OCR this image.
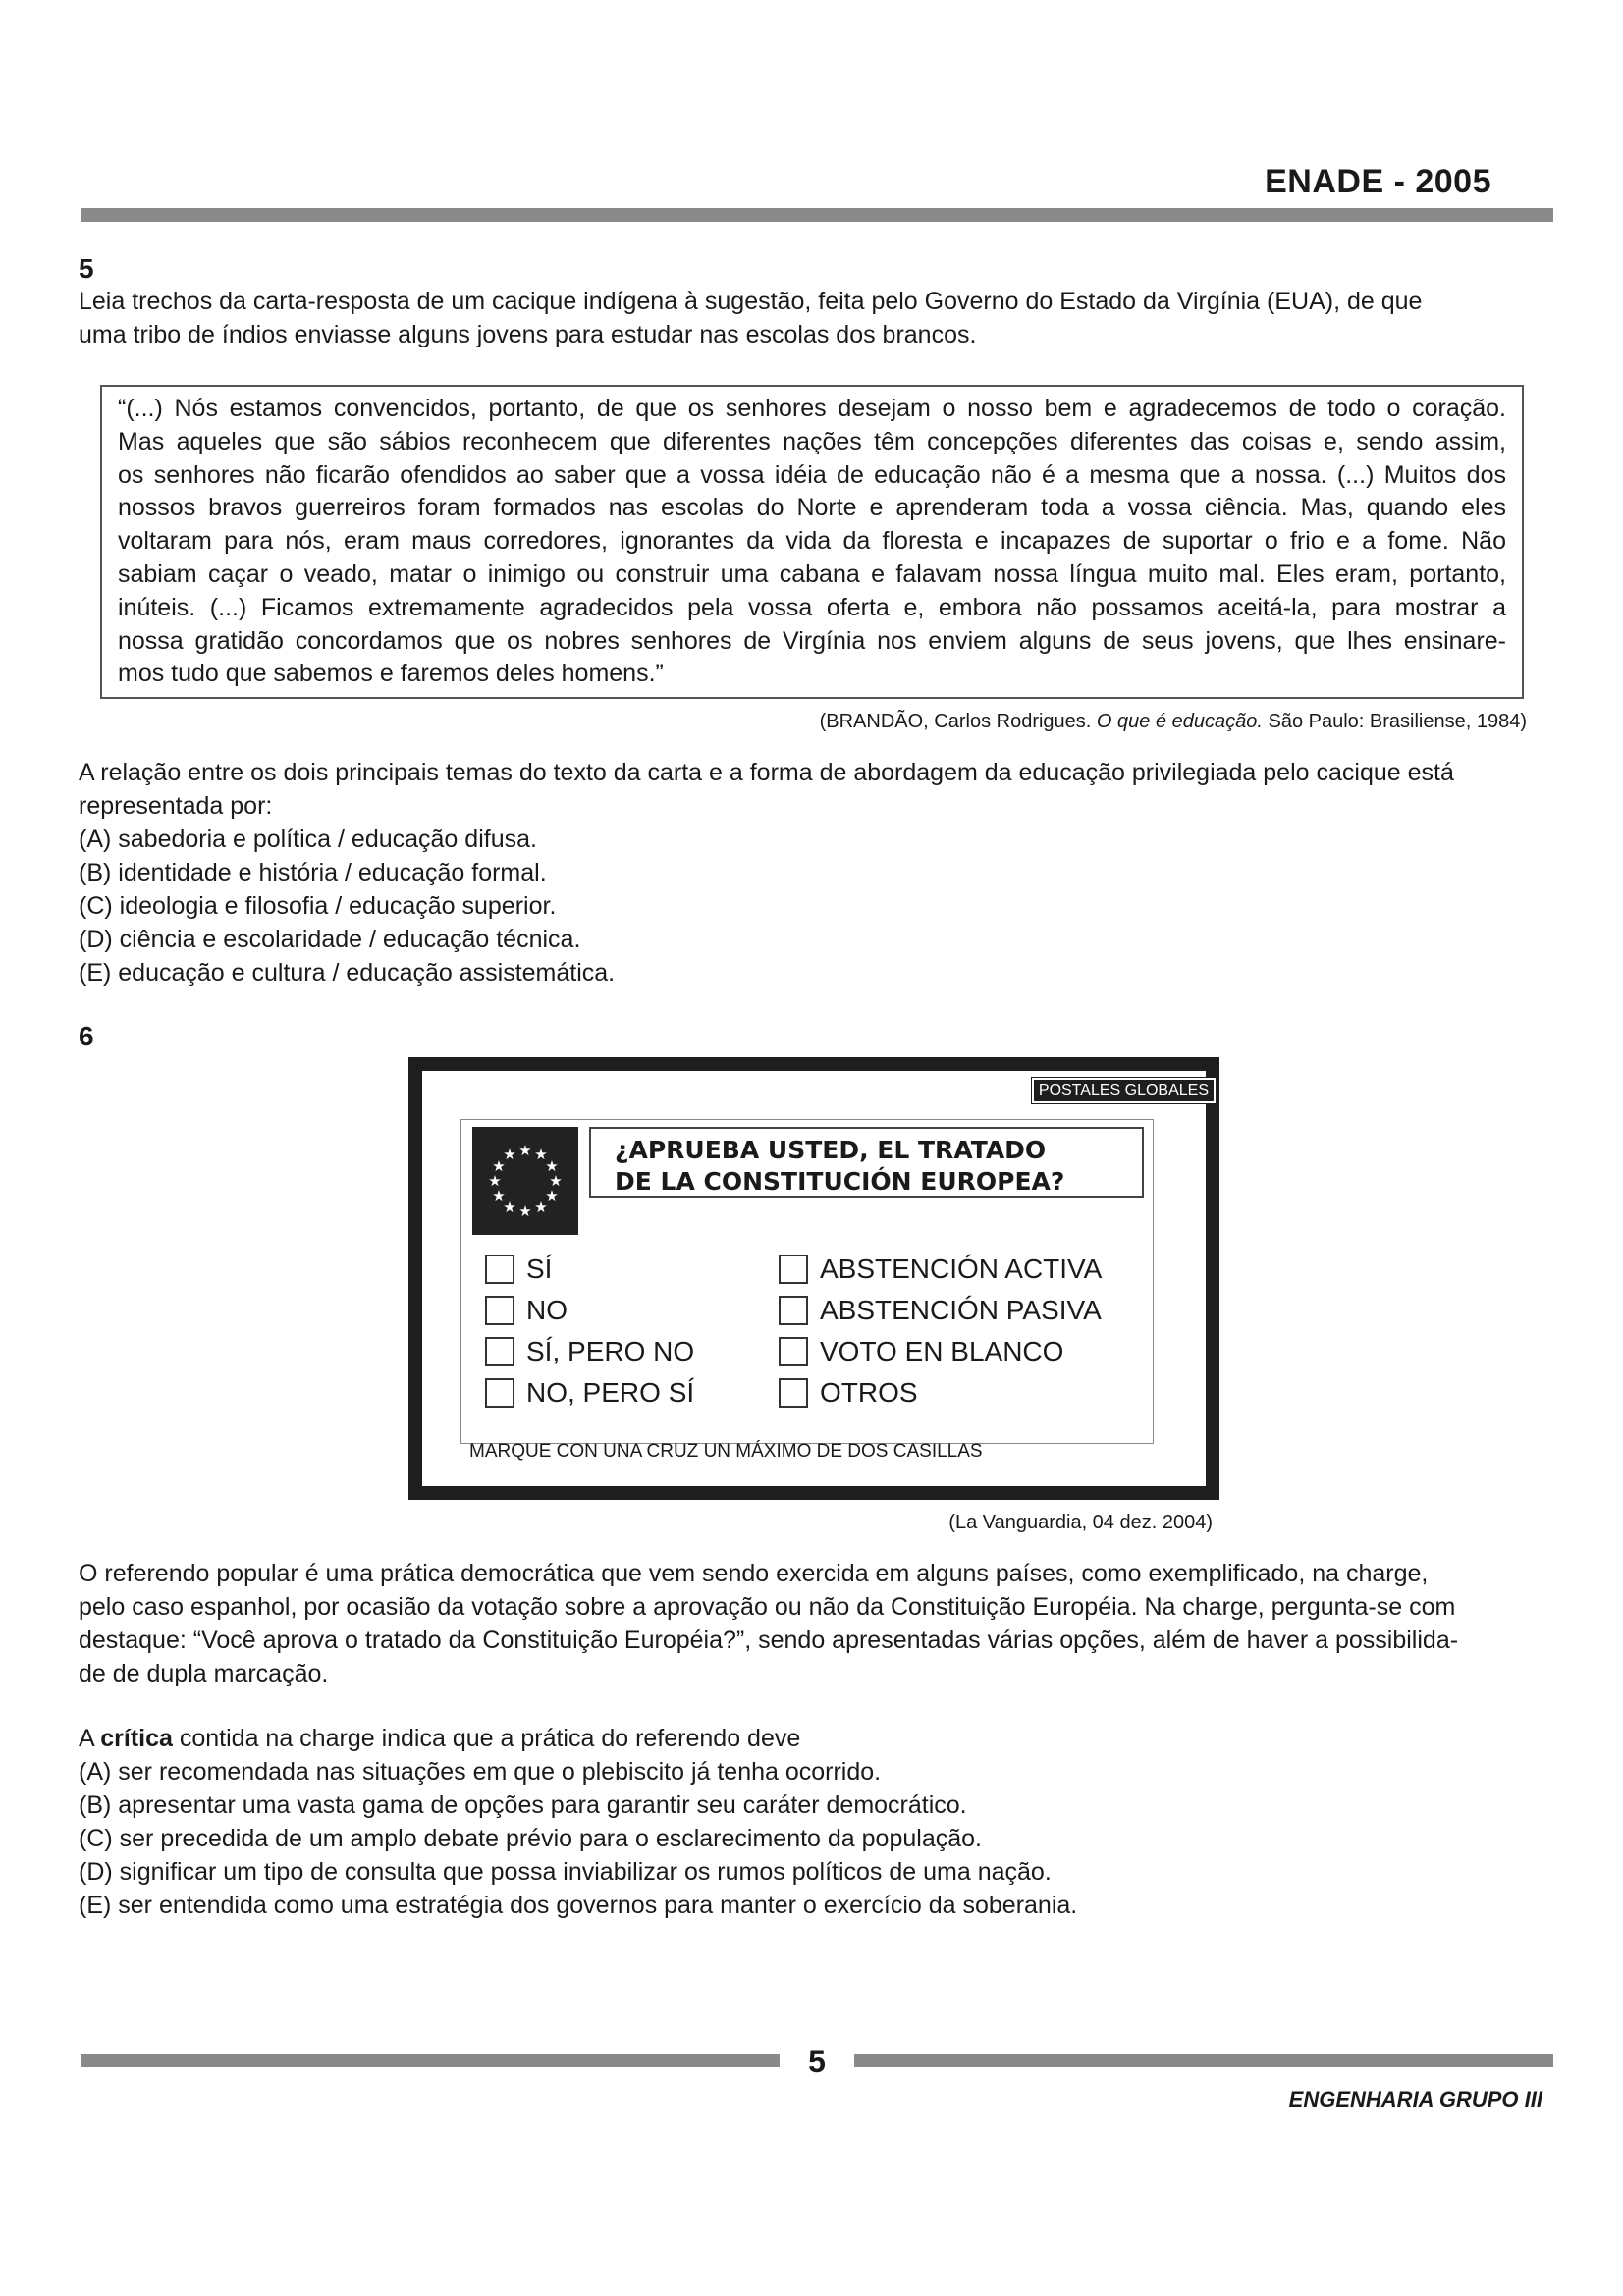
ENADE - 2005
5
Leia trechos da carta-resposta de um cacique indígena à sugestão, feita pelo Governo do Estado da Virgínia (EUA), de que
uma tribo de índios enviasse alguns jovens para estudar nas escolas dos brancos.
“(...) Nós estamos convencidos, portanto, de que os senhores desejam o nosso bem e agradecemos de todo o coração.
Mas aqueles que são sábios reconhecem que diferentes nações têm concepções diferentes das coisas e, sendo assim,
os senhores não ficarão ofendidos ao saber que a vossa idéia de educação não é a mesma que a nossa. (...) Muitos dos
nossos bravos guerreiros foram formados nas escolas do Norte e aprenderam toda a vossa ciência. Mas, quando eles
voltaram para nós, eram maus corredores, ignorantes da vida da floresta e incapazes de suportar o frio e a fome. Não
sabiam caçar o veado, matar o inimigo ou construir uma cabana e falavam nossa língua muito mal. Eles eram, portanto,
inúteis. (...) Ficamos extremamente agradecidos pela vossa oferta e, embora não possamos aceitá-la, para mostrar a
nossa gratidão concordamos que os nobres senhores de Virgínia nos enviem alguns de seus jovens, que lhes ensinare-
mos tudo que sabemos e faremos deles homens.”
(BRANDÃO, Carlos Rodrigues. O que é educação. São Paulo: Brasiliense, 1984)
A relação entre os dois principais temas do texto da carta e a forma de abordagem da educação privilegiada pelo cacique está
representada por:
(A) sabedoria e política / educação difusa.
(B) identidade e história / educação formal.
(C) ideologia e filosofia / educação superior.
(D) ciência e escolaridade / educação técnica.
(E) educação e cultura / educação assistemática.
6
POSTALES GLOBALES
★ ★
★
★
★
★
★
★
★
★
★
★	¿APRUEBA USTED, EL TRATADO
DE LA CONSTITUCIÓN EUROPEA?
SÍ
NO
SÍ, PERO NO
NO, PERO SÍ
ABSTENCIÓN ACTIVA
ABSTENCIÓN PASIVA
VOTO EN BLANCO
OTROS
MARQUE CON UNA CRUZ UN MÁXIMO DE DOS CASILLAS
(La Vanguardia, 04 dez. 2004)
O referendo popular é uma prática democrática que vem sendo exercida em alguns países, como exemplificado, na charge,
pelo caso espanhol, por ocasião da votação sobre a aprovação ou não da Constituição Européia. Na charge, pergunta-se com
destaque: “Você aprova o tratado da Constituição Européia?”, sendo apresentadas várias opções, além de haver a possibilida-
de de dupla marcação.
A crítica contida na charge indica que a prática do referendo deve
(A) ser recomendada nas situações em que o plebiscito já tenha ocorrido.
(B) apresentar uma vasta gama de opções para garantir seu caráter democrático.
(C) ser precedida de um amplo debate prévio para o esclarecimento da população.
(D) significar um tipo de consulta que possa inviabilizar os rumos políticos de uma nação.
(E) ser entendida como uma estratégia dos governos para manter o exercício da soberania.
5
ENGENHARIA GRUPO III
